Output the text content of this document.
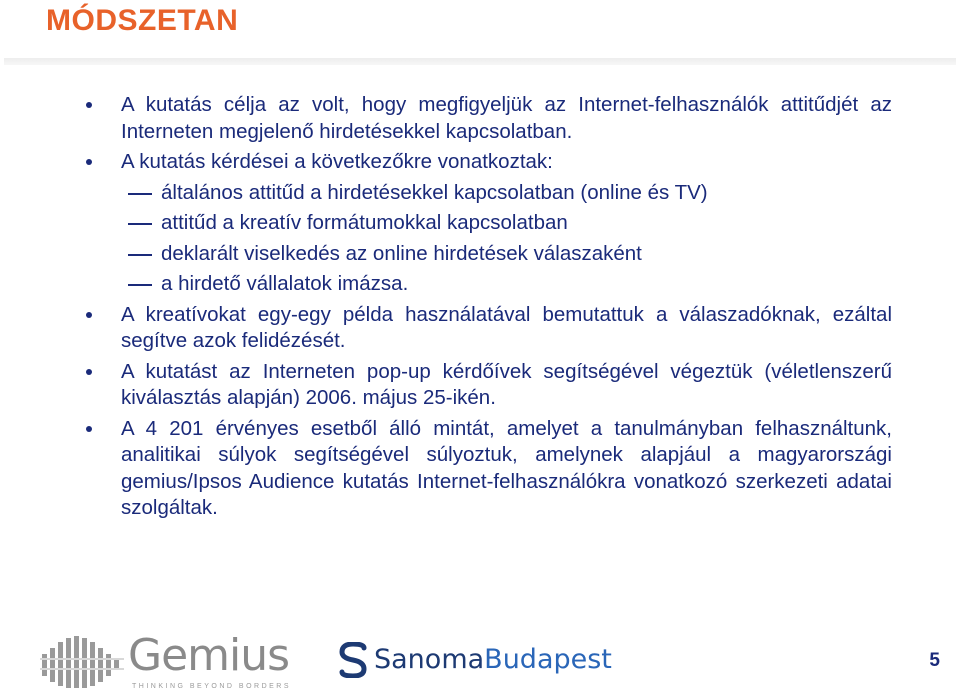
MÓDSZETAN
A kutatás célja az volt, hogy megfigyeljük az Internet-felhasználók attitűdjét az Interneten megjelenő hirdetésekkel kapcsolatban.
A kutatás kérdései a következőkre vonatkoztak:
általános attitűd a hirdetésekkel kapcsolatban (online és TV)
attitűd a kreatív formátumokkal kapcsolatban
deklarált viselkedés az online hirdetések válaszaként
a hirdető vállalatok imázsa.
A kreatívokat egy-egy példa használatával bemutattuk a válaszadóknak, ezáltal segítve azok felidézését.
A kutatást az Interneten pop-up kérdőívek segítségével végeztük (véletlenszerű kiválasztás alapján) 2006. május 25-ikén.
A 4 201 érvényes esetből álló mintát, amelyet a tanulmányban felhasználtunk, analitikai súlyok segítségével súlyoztuk, amelynek alapjául a magyarországi gemius/Ipsos Audience kutatás Internet-felhasználókra vonatkozó szerkezeti adatai szolgáltak.
Gemius
THINKING BEYOND BORDERS
SanomaBudapest	5
